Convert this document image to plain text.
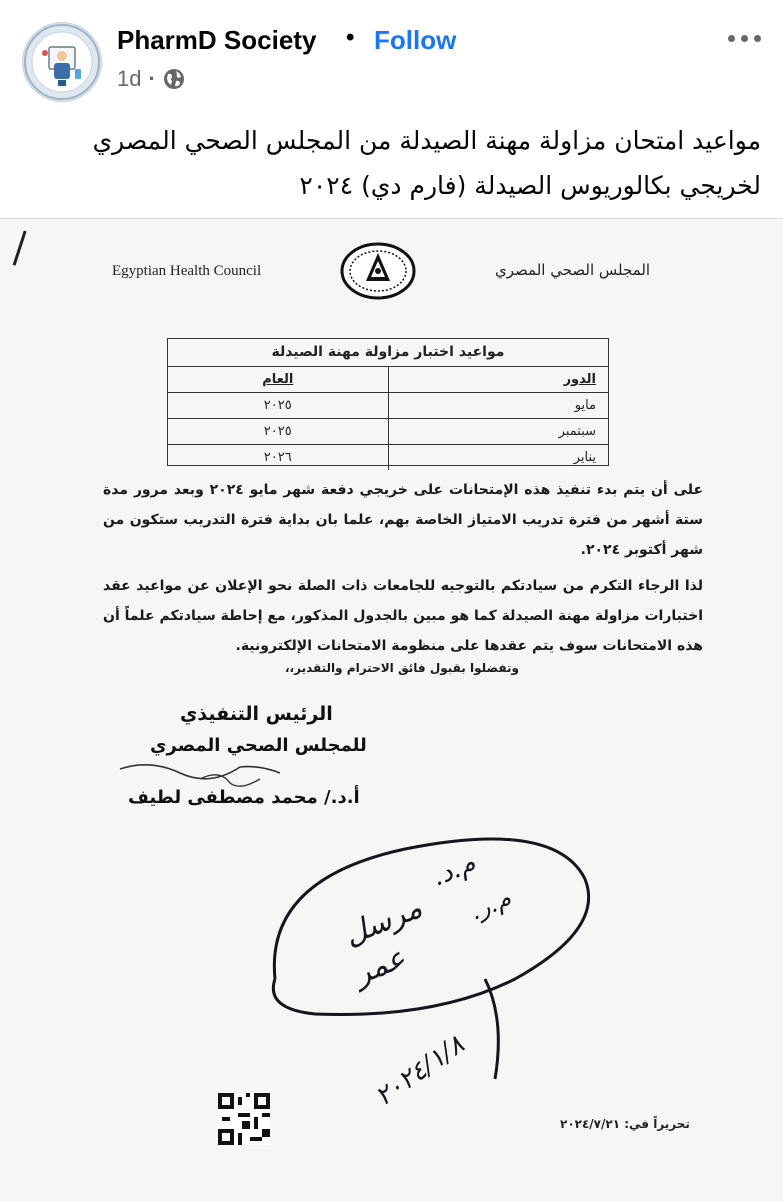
PharmD Society • Follow
1d ·
مواعيد امتحان مزاولة مهنة الصيدلة من المجلس الصحي المصري لخريجي بكالوريوس الصيدلة (فارم دي) ٢٠٢٤
Egyptian Health Council	المجلس الصحي المصري
مواعيد اختبار مزاولة مهنة الصيدلة
الدور
العام
مايو
٢٠٢٥
سبتمبر
٢٠٢٥
يناير
٢٠٢٦
على أن يتم بدء تنفيذ هذه الإمتحانات على خريجي دفعة شهر مايو ٢٠٢٤ وبعد مرور مدة ستة أشهر من فترة تدريب الامتياز الخاصة بهم، علما بان بداية فترة التدريب ستكون من شهر أكتوبر ٢٠٢٤.
لذا الرجاء التكرم من سيادتكم بالتوجيه للجامعات ذات الصلة نحو الإعلان عن مواعيد عقد اختبارات مزاولة مهنة الصيدلة كما هو مبين بالجدول المذكور، مع إحاطة سيادتكم علماً أن هذه الامتحانات سوف يتم عقدها على منظومة الامتحانات الإلكترونية.
وتفضلوا بقبول فائق الاحترام والتقدير،،
الرئيس التنفيذي
للمجلس الصحي المصري
أ.د./ محمد مصطفى لطيف
م.د.
مرسل م.ر.
عمر
٢٠٢٤/١/٨
تحريراً في: ٢٠٢٤/٧/٢١
